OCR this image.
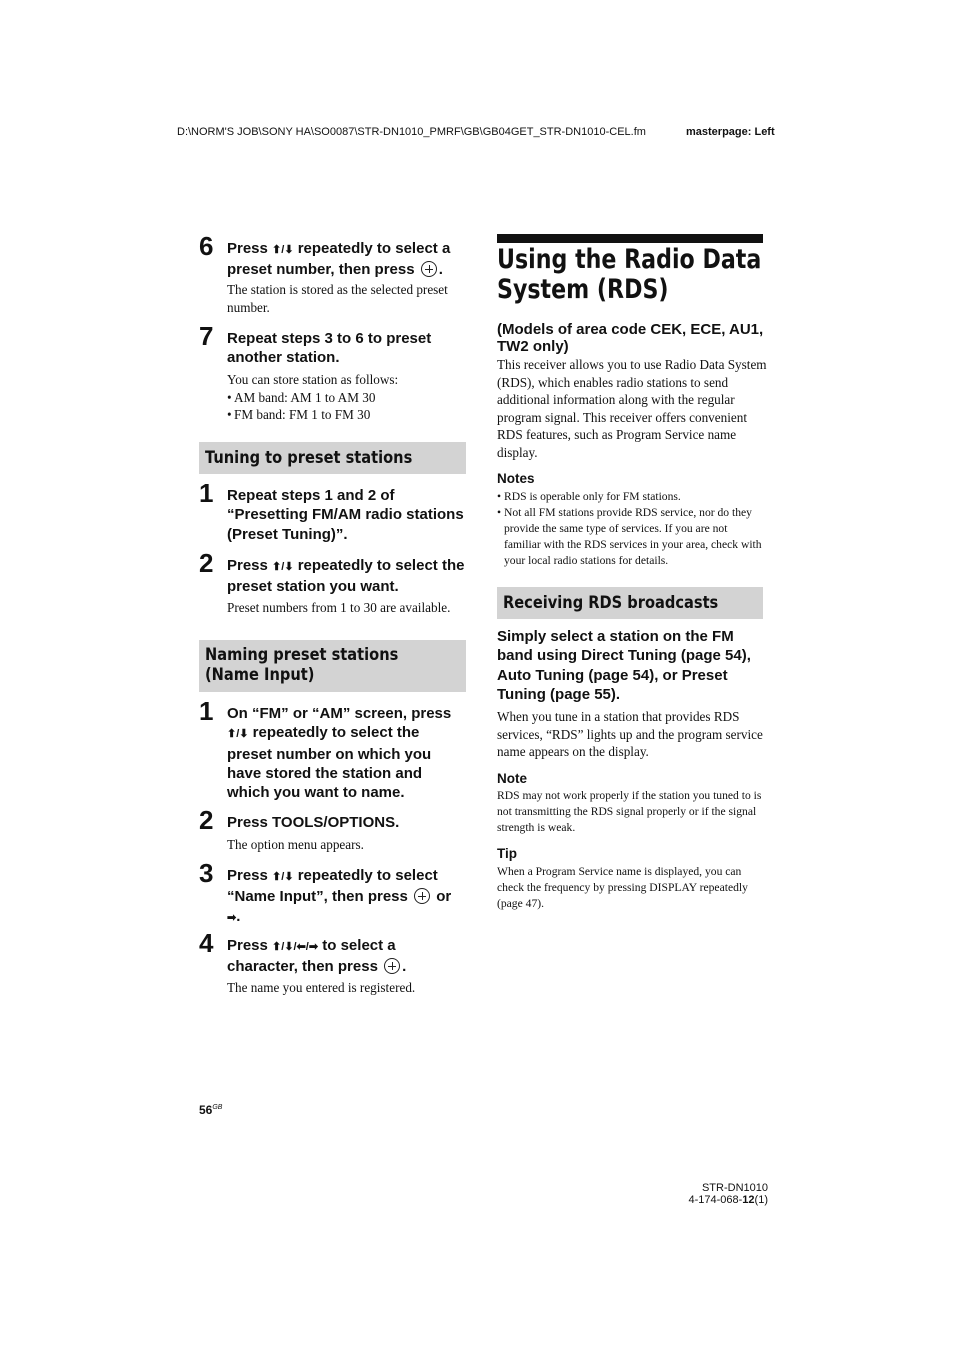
D:\NORM'S JOB\SONY HA\SO0087\STR-DN1010_PMRF\GB\GB04GET_STR-DN1010-CEL.fm	masterpage: Left
6 Press ⬆/⬇ repeatedly to select a preset number, then press .
The station is stored as the selected preset number.
7 Repeat steps 3 to 6 to preset another station.
You can store station as follows:
• AM band: AM 1 to AM 30
• FM band: FM 1 to FM 30
Tuning to preset stations
1 Repeat steps 1 and 2 of “Presetting FM/AM radio stations (Preset Tuning)”.
2 Press ⬆/⬇ repeatedly to select the preset station you want.
Preset numbers from 1 to 30 are available.
Naming preset stations (Name Input)
1 On “FM” or “AM” screen, press ⬆/⬇ repeatedly to select the preset number on which you have stored the station and which you want to name.
2 Press TOOLS/OPTIONS.
The option menu appears.
3 Press ⬆/⬇ repeatedly to select “Name Input”, then press or
➡.
4 Press ⬆/⬇/⬅/➡ to select a character, then press .
The name you entered is registered.
$56^{GB}$
Using the Radio Data
System (RDS)
(Models of area code CEK, ECE, AU1, TW2 only)
This receiver allows you to use Radio Data System (RDS), which enables radio stations to send additional information along with the regular program signal. This receiver offers convenient RDS features, such as Program Service name display.
Notes
• RDS is operable only for FM stations.
• Not all FM stations provide RDS service, nor do they provide the same type of services. If you are not familiar with the RDS services in your area, check with your local radio stations for details.
Receiving RDS broadcasts
Simply select a station on the FM band using Direct Tuning (page 54), Auto Tuning (page 54), or Preset Tuning (page 55).
When you tune in a station that provides RDS services, “RDS” lights up and the program service name appears on the display.
Note
RDS may not work properly if the station you tuned to is not transmitting the RDS signal properly or if the signal strength is weak.
Tip
When a Program Service name is displayed, you can check the frequency by pressing DISPLAY repeatedly (page 47).
STR-DN1010
4-174-068-12(1)
